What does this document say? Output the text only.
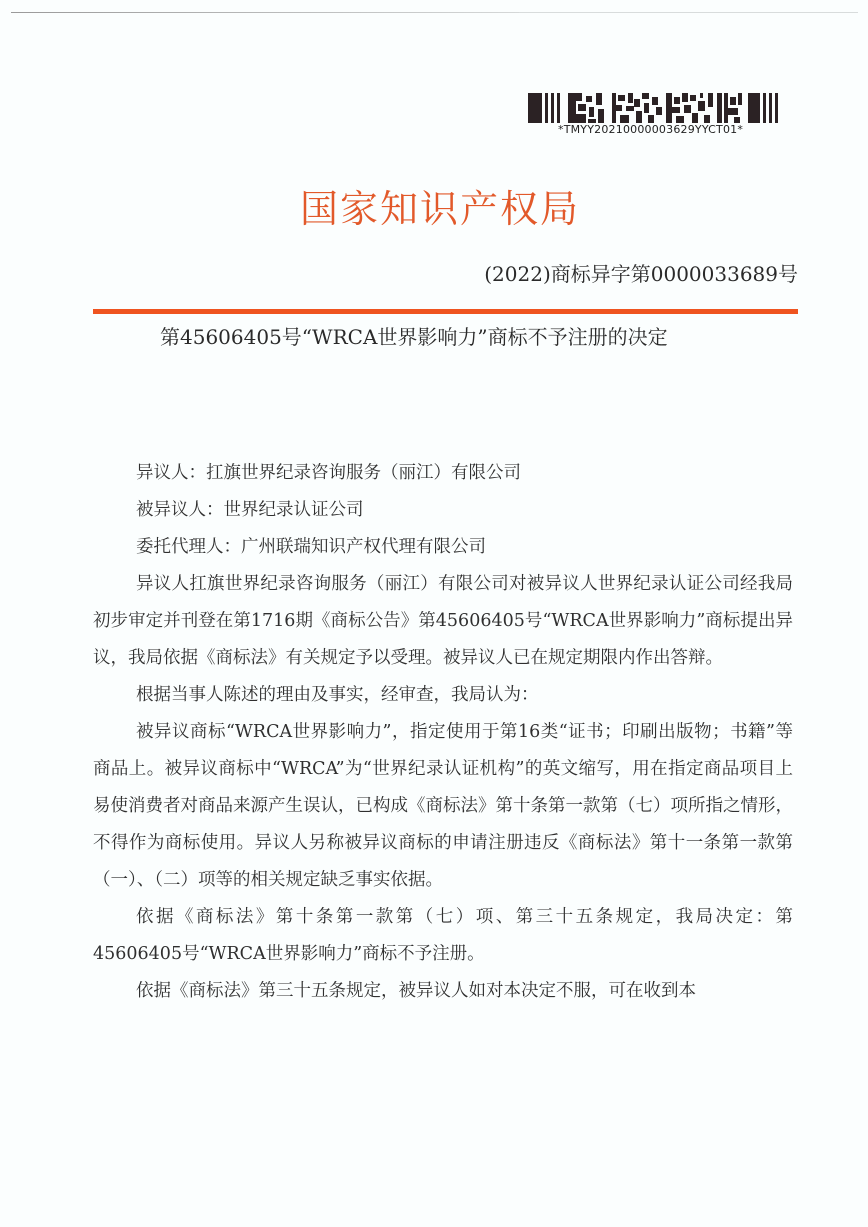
*TMYY20210000003629YYCT01*
国家知识产权局
(2022)商标异字第0000033689号
第45606405号“WRCA世界影响力”商标不予注册的决定
异议人：扛旗世界纪录咨询服务（丽江）有限公司
被异议人：世界纪录认证公司
委托代理人：广州联瑞知识产权代理有限公司

异议人扛旗世界纪录咨询服务（丽江）有限公司对被异议人世界纪录认证公司经我局初步审定并刊登在第1716期《商标公告》第45606405号“WRCA世界影响力”商标提出异议，我局依据《商标法》有关规定予以受理。被异议人已在规定期限内作出答辩。

根据当事人陈述的理由及事实，经审查，我局认为：

被异议商标“WRCA世界影响力”，指定使用于第16类“证书；印刷出版物；书籍”等商品上。被异议商标中“WRCA”为“世界纪录认证机构”的英文缩写，用在指定商品项目上易使消费者对商品来源产生误认，已构成《商标法》第十条第一款第（七）项所指之情形，不得作为商标使用。异议人另称被异议商标的申请注册违反《商标法》第十一条第一款第（一）、（二）项等的相关规定缺乏事实依据。

依据《商标法》第十条第一款第（七）项、第三十五条规定，我局决定：第45606405号“WRCA世界影响力”商标不予注册。

依据《商标法》第三十五条规定，被异议人如对本决定不服，可在收到本
